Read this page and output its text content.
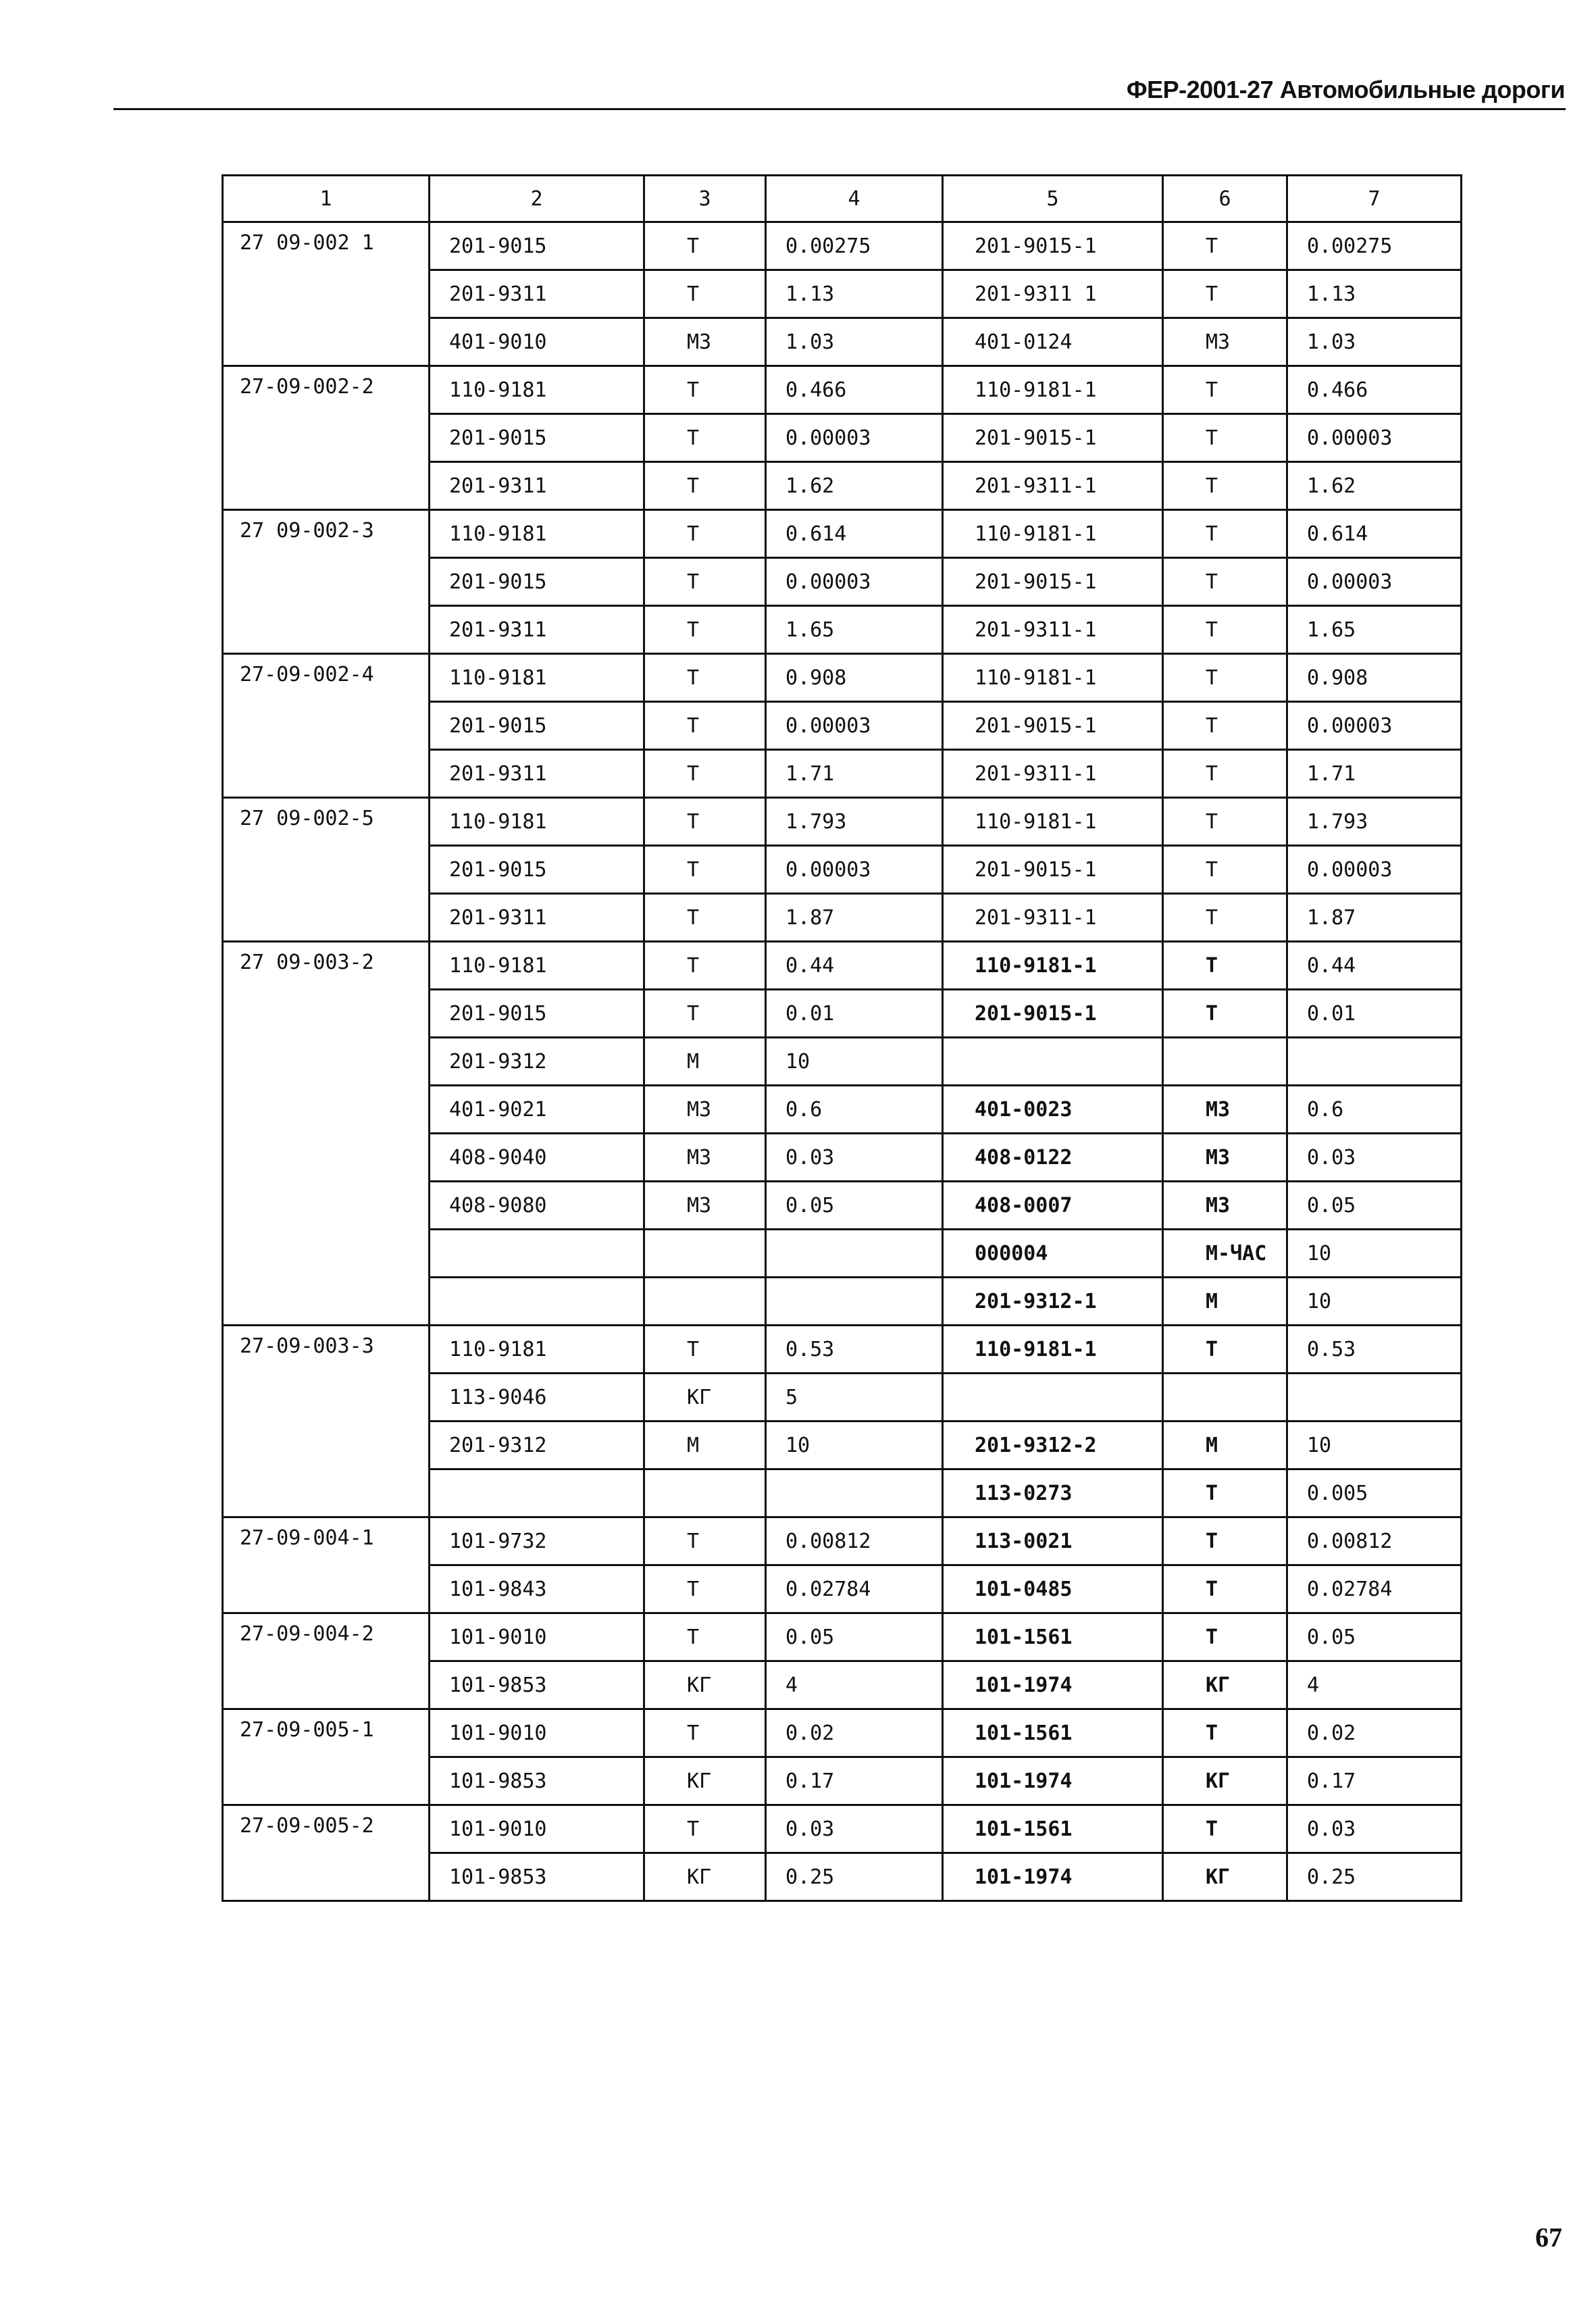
ФЕР-2001-27 Автомобильные дороги
1	2	3	4	5	6	7
27 09-002 1	201-9015	T	0.00275	201-9015-1	T	0.00275
	201-9311	T	1.13	201-9311 1	T	1.13
	401-9010	M3	1.03	401-0124	M3	1.03
27-09-002-2	110-9181	T	0.466	110-9181-1	T	0.466
	201-9015	T	0.00003	201-9015-1	T	0.00003
	201-9311	T	1.62	201-9311-1	T	1.62
27 09-002-3	110-9181	T	0.614	110-9181-1	T	0.614
	201-9015	T	0.00003	201-9015-1	T	0.00003
	201-9311	T	1.65	201-9311-1	T	1.65
27-09-002-4	110-9181	T	0.908	110-9181-1	T	0.908
	201-9015	T	0.00003	201-9015-1	T	0.00003
	201-9311	T	1.71	201-9311-1	T	1.71
27 09-002-5	110-9181	T	1.793	110-9181-1	T	1.793
	201-9015	T	0.00003	201-9015-1	T	0.00003
	201-9311	T	1.87	201-9311-1	T	1.87
27 09-003-2	110-9181	T	0.44	110-9181-1	T	0.44
	201-9015	T	0.01	201-9015-1	T	0.01
	201-9312	M	10			
	401-9021	M3	0.6	401-0023	M3	0.6
	408-9040	M3	0.03	408-0122	M3	0.03
	408-9080	M3	0.05	408-0007	M3	0.05
				000004	M-ЧАС	10
				201-9312-1	M	10
27-09-003-3	110-9181	T	0.53	110-9181-1	T	0.53
	113-9046	КГ	5			
	201-9312	M	10	201-9312-2	M	10
				113-0273	T	0.005
27-09-004-1	101-9732	T	0.00812	113-0021	T	0.00812
	101-9843	T	0.02784	101-0485	T	0.02784
27-09-004-2	101-9010	T	0.05	101-1561	T	0.05
	101-9853	КГ	4	101-1974	КГ	4
27-09-005-1	101-9010	T	0.02	101-1561	T	0.02
	101-9853	КГ	0.17	101-1974	КГ	0.17
27-09-005-2	101-9010	T	0.03	101-1561	T	0.03
	101-9853	КГ	0.25	101-1974	КГ	0.25
67
